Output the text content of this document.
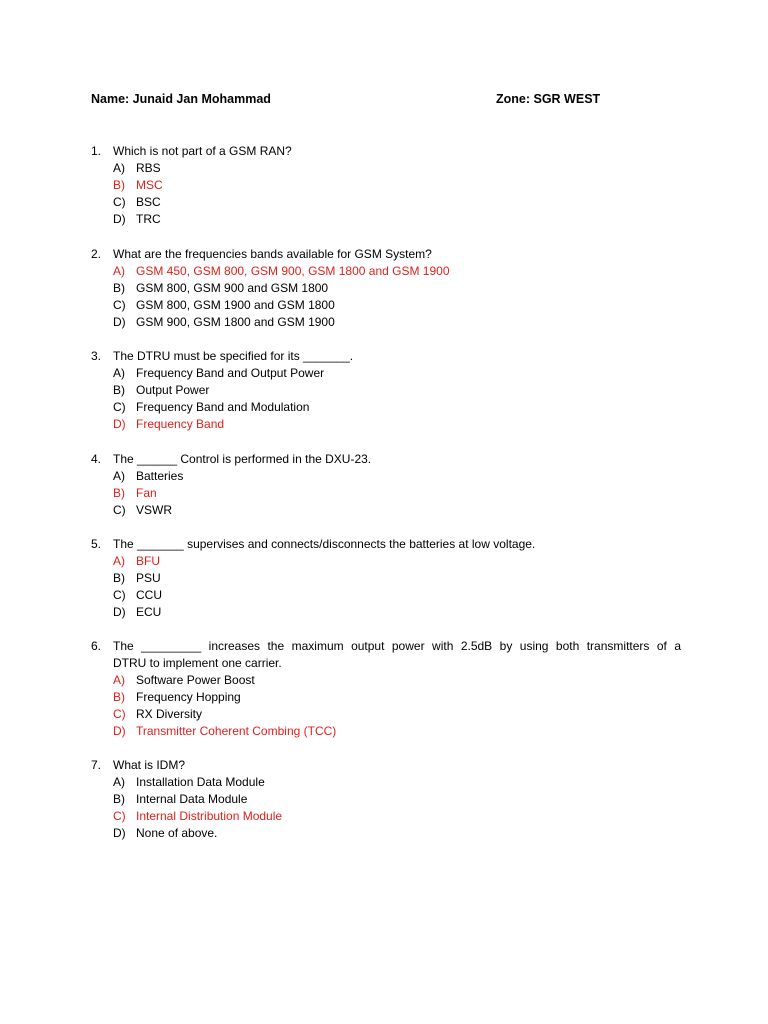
Name: Junaid Jan Mohammad	Zone: SGR WEST
1. Which is not part of a GSM RAN?
A) RBS
B) MSC
C) BSC
D) TRC
2. What are the frequencies bands available for GSM System?
A) GSM 450, GSM 800, GSM 900, GSM 1800 and GSM 1900
B) GSM 800, GSM 900 and GSM 1800
C) GSM 800, GSM 1900 and GSM 1800
D) GSM 900, GSM 1800 and GSM 1900
3. The DTRU must be specified for its _______.
A) Frequency Band and Output Power
B) Output Power
C) Frequency Band and Modulation
D) Frequency Band
4. The ______ Control is performed in the DXU-23.
A) Batteries
B) Fan
C) VSWR
5. The _______ supervises and connects/disconnects the batteries at low voltage.
A) BFU
B) PSU
C) CCU
D) ECU
6. The _________ increases the maximum output power with 2.5dB by using both transmitters of a
DTRU to implement one carrier.
A) Software Power Boost
B) Frequency Hopping
C) RX Diversity
D) Transmitter Coherent Combing (TCC)
7. What is IDM?
A) Installation Data Module
B) Internal Data Module
C) Internal Distribution Module
D) None of above.
